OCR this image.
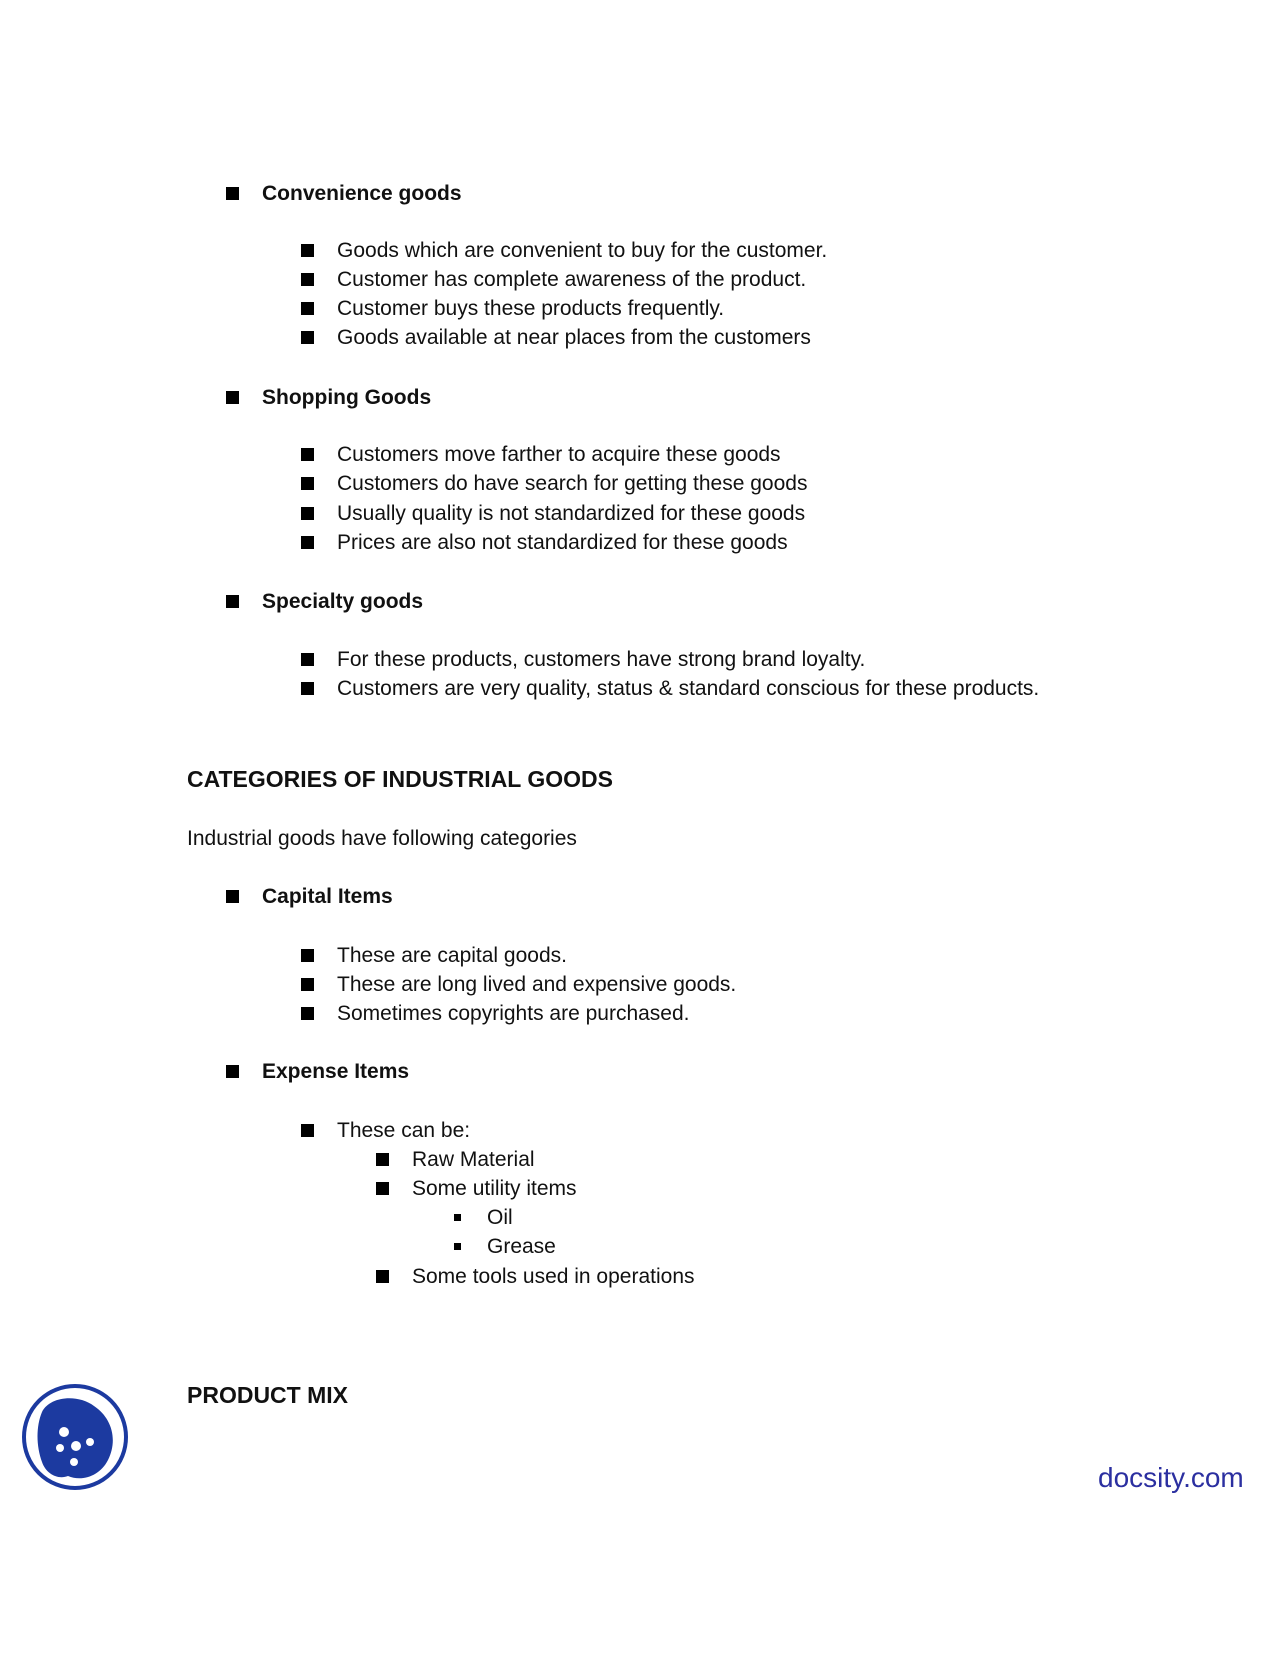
Convenience goods
Goods which are convenient to buy for the customer.
Customer has complete awareness of the product.
Customer buys these products frequently.
Goods available at near places from the customers
Shopping Goods
Customers move farther to acquire these goods
Customers do have search for getting these goods
Usually quality is not standardized for these goods
Prices are also not standardized for these goods
Specialty goods
For these products, customers have strong brand loyalty.
Customers are very quality, status & standard conscious for these products.
CATEGORIES OF INDUSTRIAL GOODS
Industrial goods have following categories
Capital Items
These are capital goods.
These are long lived and expensive goods.
Sometimes copyrights are purchased.
Expense Items
These can be:
Raw Material
Some utility items
Oil
Grease
Some tools used in operations
PRODUCT MIX
docsity.com
